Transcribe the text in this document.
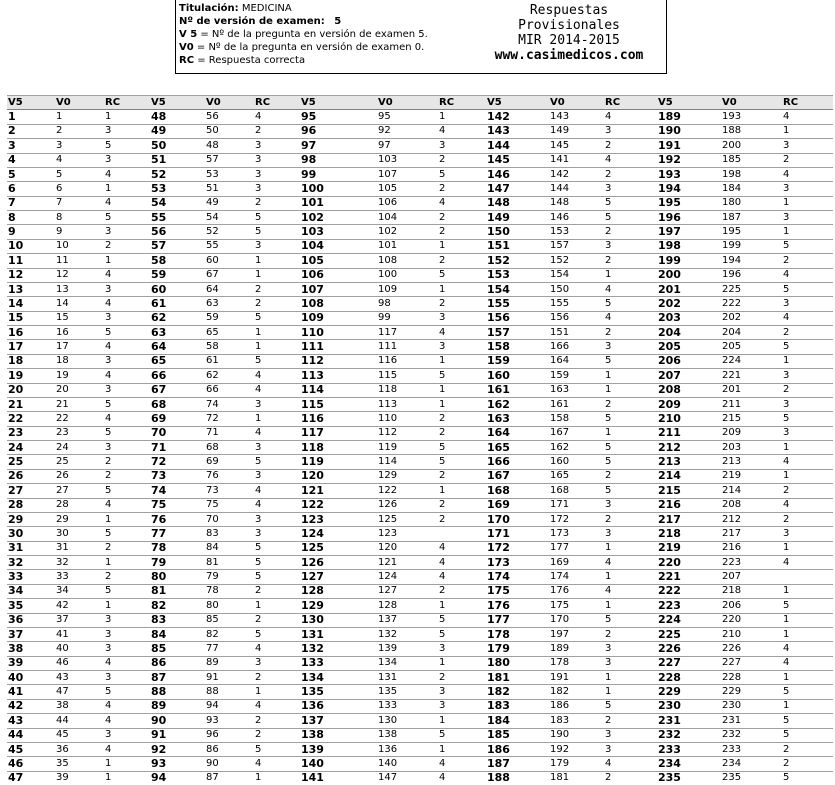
Titulación: MEDICINA
Nº de versión de examen: 5
V 5 = Nº de la pregunta en versión de examen 5.
V0 = Nº de la pregunta en versión de examen 0.
RC = Respuesta correcta
Respuestas
Provisionales
MIR 2014-2015
www.casimedicos.com
V5	V0	RC	V5	V0	RC	V5	V0	RC	V5	V0	RC	V5	V0	RC
1	1	1	48	56	4	95	95	1	142	143	4	189	193	4
2	2	3	49	50	2	96	92	4	143	149	3	190	188	1
3	3	5	50	48	3	97	97	3	144	145	2	191	200	3
4	4	3	51	57	3	98	103	2	145	141	4	192	185	2
5	5	4	52	53	3	99	107	5	146	142	2	193	198	4
6	6	1	53	51	3	100	105	2	147	144	3	194	184	3
7	7	4	54	49	2	101	106	4	148	148	5	195	180	1
8	8	5	55	54	5	102	104	2	149	146	5	196	187	3
9	9	3	56	52	5	103	102	2	150	153	2	197	195	1
10	10	2	57	55	3	104	101	1	151	157	3	198	199	5
11	11	1	58	60	1	105	108	2	152	152	2	199	194	2
12	12	4	59	67	1	106	100	5	153	154	1	200	196	4
13	13	3	60	64	2	107	109	1	154	150	4	201	225	5
14	14	4	61	63	2	108	98	2	155	155	5	202	222	3
15	15	3	62	59	5	109	99	3	156	156	4	203	202	4
16	16	5	63	65	1	110	117	4	157	151	2	204	204	2
17	17	4	64	58	1	111	111	3	158	166	3	205	205	5
18	18	3	65	61	5	112	116	1	159	164	5	206	224	1
19	19	4	66	62	4	113	115	5	160	159	1	207	221	3
20	20	3	67	66	4	114	118	1	161	163	1	208	201	2
21	21	5	68	74	3	115	113	1	162	161	2	209	211	3
22	22	4	69	72	1	116	110	2	163	158	5	210	215	5
23	23	5	70	71	4	117	112	2	164	167	1	211	209	3
24	24	3	71	68	3	118	119	5	165	162	5	212	203	1
25	25	2	72	69	5	119	114	5	166	160	5	213	213	4
26	26	2	73	76	3	120	129	2	167	165	2	214	219	1
27	27	5	74	73	4	121	122	1	168	168	5	215	214	2
28	28	4	75	75	4	122	126	2	169	171	3	216	208	4
29	29	1	76	70	3	123	125	2	170	172	2	217	212	2
30	30	5	77	83	3	124	123		171	173	3	218	217	3
31	31	2	78	84	5	125	120	4	172	177	1	219	216	1
32	32	1	79	81	5	126	121	4	173	169	4	220	223	4
33	33	2	80	79	5	127	124	4	174	174	1	221	207	
34	34	5	81	78	2	128	127	2	175	176	4	222	218	1
35	42	1	82	80	1	129	128	1	176	175	1	223	206	5
36	37	3	83	85	2	130	137	5	177	170	5	224	220	1
37	41	3	84	82	5	131	132	5	178	197	2	225	210	1
38	40	3	85	77	4	132	139	3	179	189	3	226	226	4
39	46	4	86	89	3	133	134	1	180	178	3	227	227	4
40	43	3	87	91	2	134	131	2	181	191	1	228	228	1
41	47	5	88	88	1	135	135	3	182	182	1	229	229	5
42	38	4	89	94	4	136	133	3	183	186	5	230	230	1
43	44	4	90	93	2	137	130	1	184	183	2	231	231	5
44	45	3	91	96	2	138	138	5	185	190	3	232	232	5
45	36	4	92	86	5	139	136	1	186	192	3	233	233	2
46	35	1	93	90	4	140	140	4	187	179	4	234	234	2
47	39	1	94	87	1	141	147	4	188	181	2	235	235	5
